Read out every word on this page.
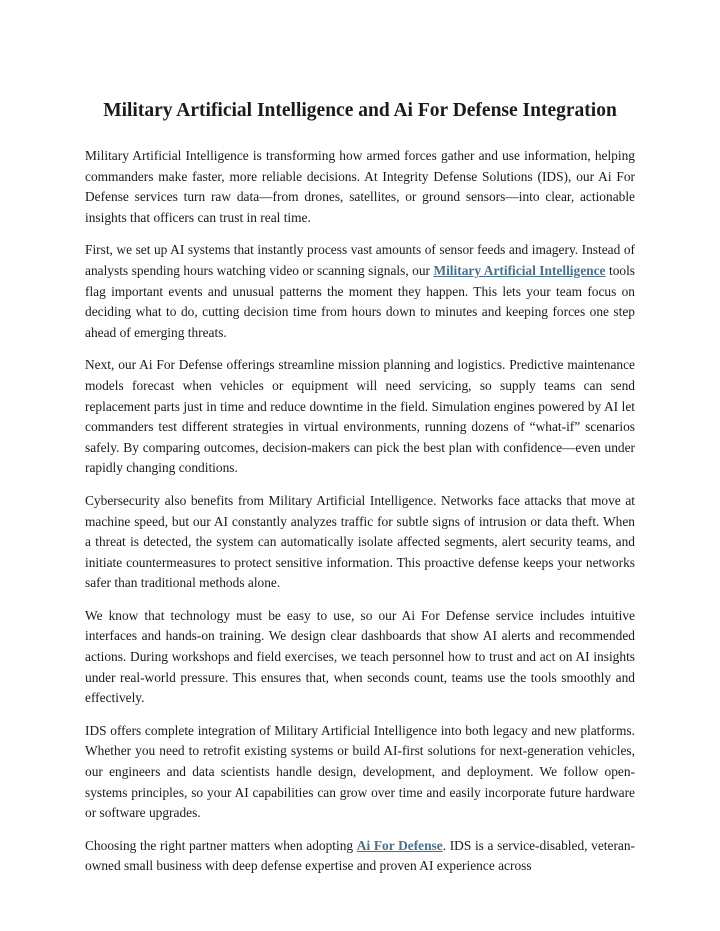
Military Artificial Intelligence and Ai For Defense Integration

Military Artificial Intelligence is transforming how armed forces gather and use information, helping commanders make faster, more reliable decisions. At Integrity Defense Solutions (IDS), our Ai For Defense services turn raw data—from drones, satellites, or ground sensors—into clear, actionable insights that officers can trust in real time.

First, we set up AI systems that instantly process vast amounts of sensor feeds and imagery. Instead of analysts spending hours watching video or scanning signals, our Military Artificial Intelligence tools flag important events and unusual patterns the moment they happen. This lets your team focus on deciding what to do, cutting decision time from hours down to minutes and keeping forces one step ahead of emerging threats.

Next, our Ai For Defense offerings streamline mission planning and logistics. Predictive maintenance models forecast when vehicles or equipment will need servicing, so supply teams can send replacement parts just in time and reduce downtime in the field. Simulation engines powered by AI let commanders test different strategies in virtual environments, running dozens of “what-if” scenarios safely. By comparing outcomes, decision-makers can pick the best plan with confidence—even under rapidly changing conditions.

Cybersecurity also benefits from Military Artificial Intelligence. Networks face attacks that move at machine speed, but our AI constantly analyzes traffic for subtle signs of intrusion or data theft. When a threat is detected, the system can automatically isolate affected segments, alert security teams, and initiate countermeasures to protect sensitive information. This proactive defense keeps your networks safer than traditional methods alone.

We know that technology must be easy to use, so our Ai For Defense service includes intuitive interfaces and hands-on training. We design clear dashboards that show AI alerts and recommended actions. During workshops and field exercises, we teach personnel how to trust and act on AI insights under real-world pressure. This ensures that, when seconds count, teams use the tools smoothly and effectively.

IDS offers complete integration of Military Artificial Intelligence into both legacy and new platforms. Whether you need to retrofit existing systems or build AI-first solutions for next-generation vehicles, our engineers and data scientists handle design, development, and deployment. We follow open-systems principles, so your AI capabilities can grow over time and easily incorporate future hardware or software upgrades.

Choosing the right partner matters when adopting Ai For Defense. IDS is a service-disabled, veteran-owned small business with deep defense expertise and proven AI experience across
